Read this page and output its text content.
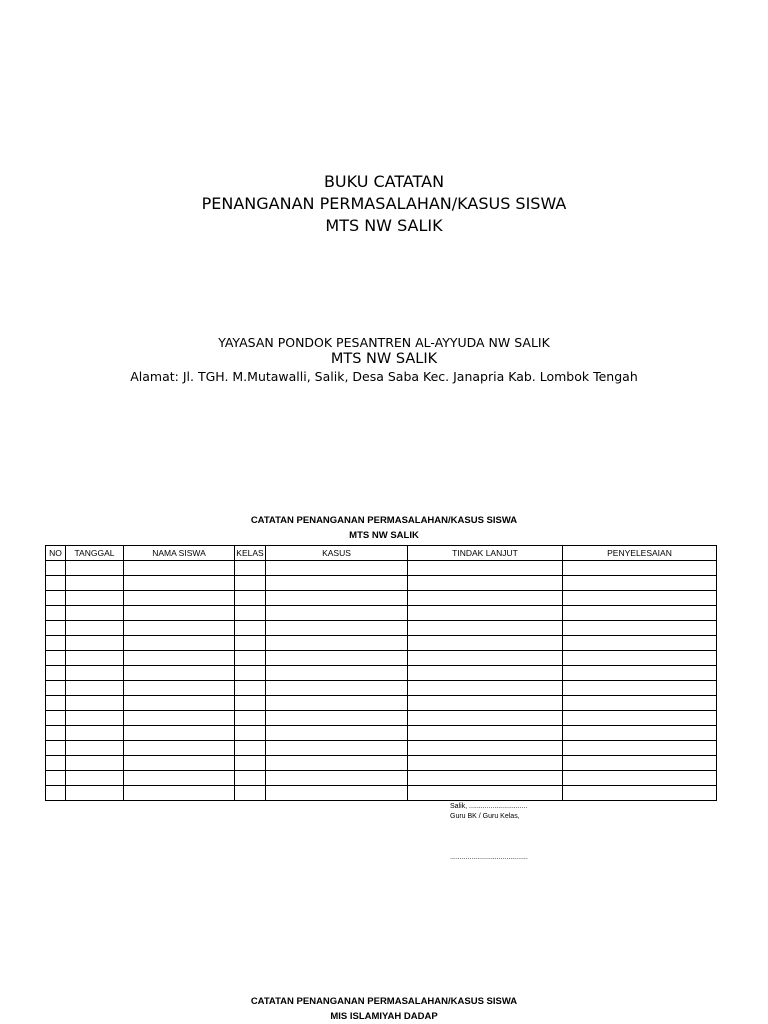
BUKU CATATAN
PENANGANAN PERMASALAHAN/KASUS SISWA
MTS NW SALIK
YAYASAN PONDOK PESANTREN AL-AYYUDA NW SALIK
MTS NW SALIK
Alamat: Jl. TGH. M.Mutawalli, Salik, Desa Saba Kec. Janapria Kab. Lombok Tengah
CATATAN PENANGANAN PERMASALAHAN/KASUS SISWA
MTS NW SALIK
NO	TANGGAL	NAMA SISWA	KELAS	KASUS	TINDAK LANJUT	PENYELESAIAN

Salik, ..............................
Guru BK / Guru Kelas,
........................................
CATATAN PENANGANAN PERMASALAHAN/KASUS SISWA
MIS ISLAMIYAH DADAP
